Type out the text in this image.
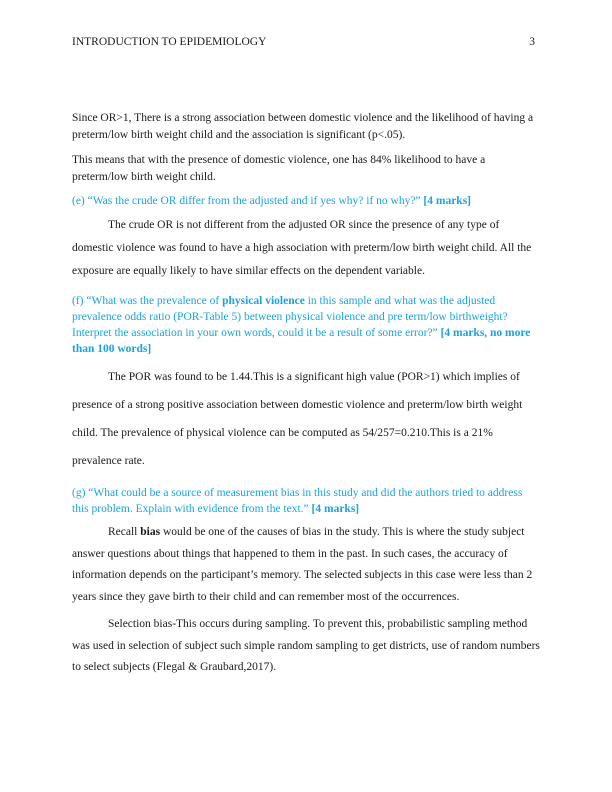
INTRODUCTION TO EPIDEMIOLOGY	3

Since OR>1, There is a strong association between domestic violence and the likelihood of having a preterm/low birth weight child and the association is significant (p<.05).

This means that with the presence of domestic violence, one has 84% likelihood to have a preterm/low birth weight child.

(e) “Was the crude OR differ from the adjusted and if yes why? if no why?” [4 marks]

The crude OR is not different from the adjusted OR since the presence of any type of domestic violence was found to have a high association with preterm/low birth weight child. All the exposure are equally likely to have similar effects on the dependent variable.

(f) “What was the prevalence of physical violence in this sample and what was the adjusted prevalence odds ratio (POR-Table 5) between physical violence and pre term/low birthweight? Interpret the association in your own words, could it be a result of some error?” [4 marks, no more than 100 words]

The POR was found to be 1.44.This is a significant high value (POR>1) which implies of presence of a strong positive association between domestic violence and preterm/low birth weight child. The prevalence of physical violence can be computed as 54/257=0.210.This is a 21% prevalence rate.

(g) “What could be a source of measurement bias in this study and did the authors tried to address this problem. Explain with evidence from the text.” [4 marks]

Recall bias would be one of the causes of bias in the study. This is where the study subject answer questions about things that happened to them in the past. In such cases, the accuracy of information depends on the participant’s memory. The selected subjects in this case were less than 2 years since they gave birth to their child and can remember most of the occurrences.

Selection bias-This occurs during sampling. To prevent this, probabilistic sampling method was used in selection of subject such simple random sampling to get districts, use of random numbers to select subjects (Flegal & Graubard,2017).
